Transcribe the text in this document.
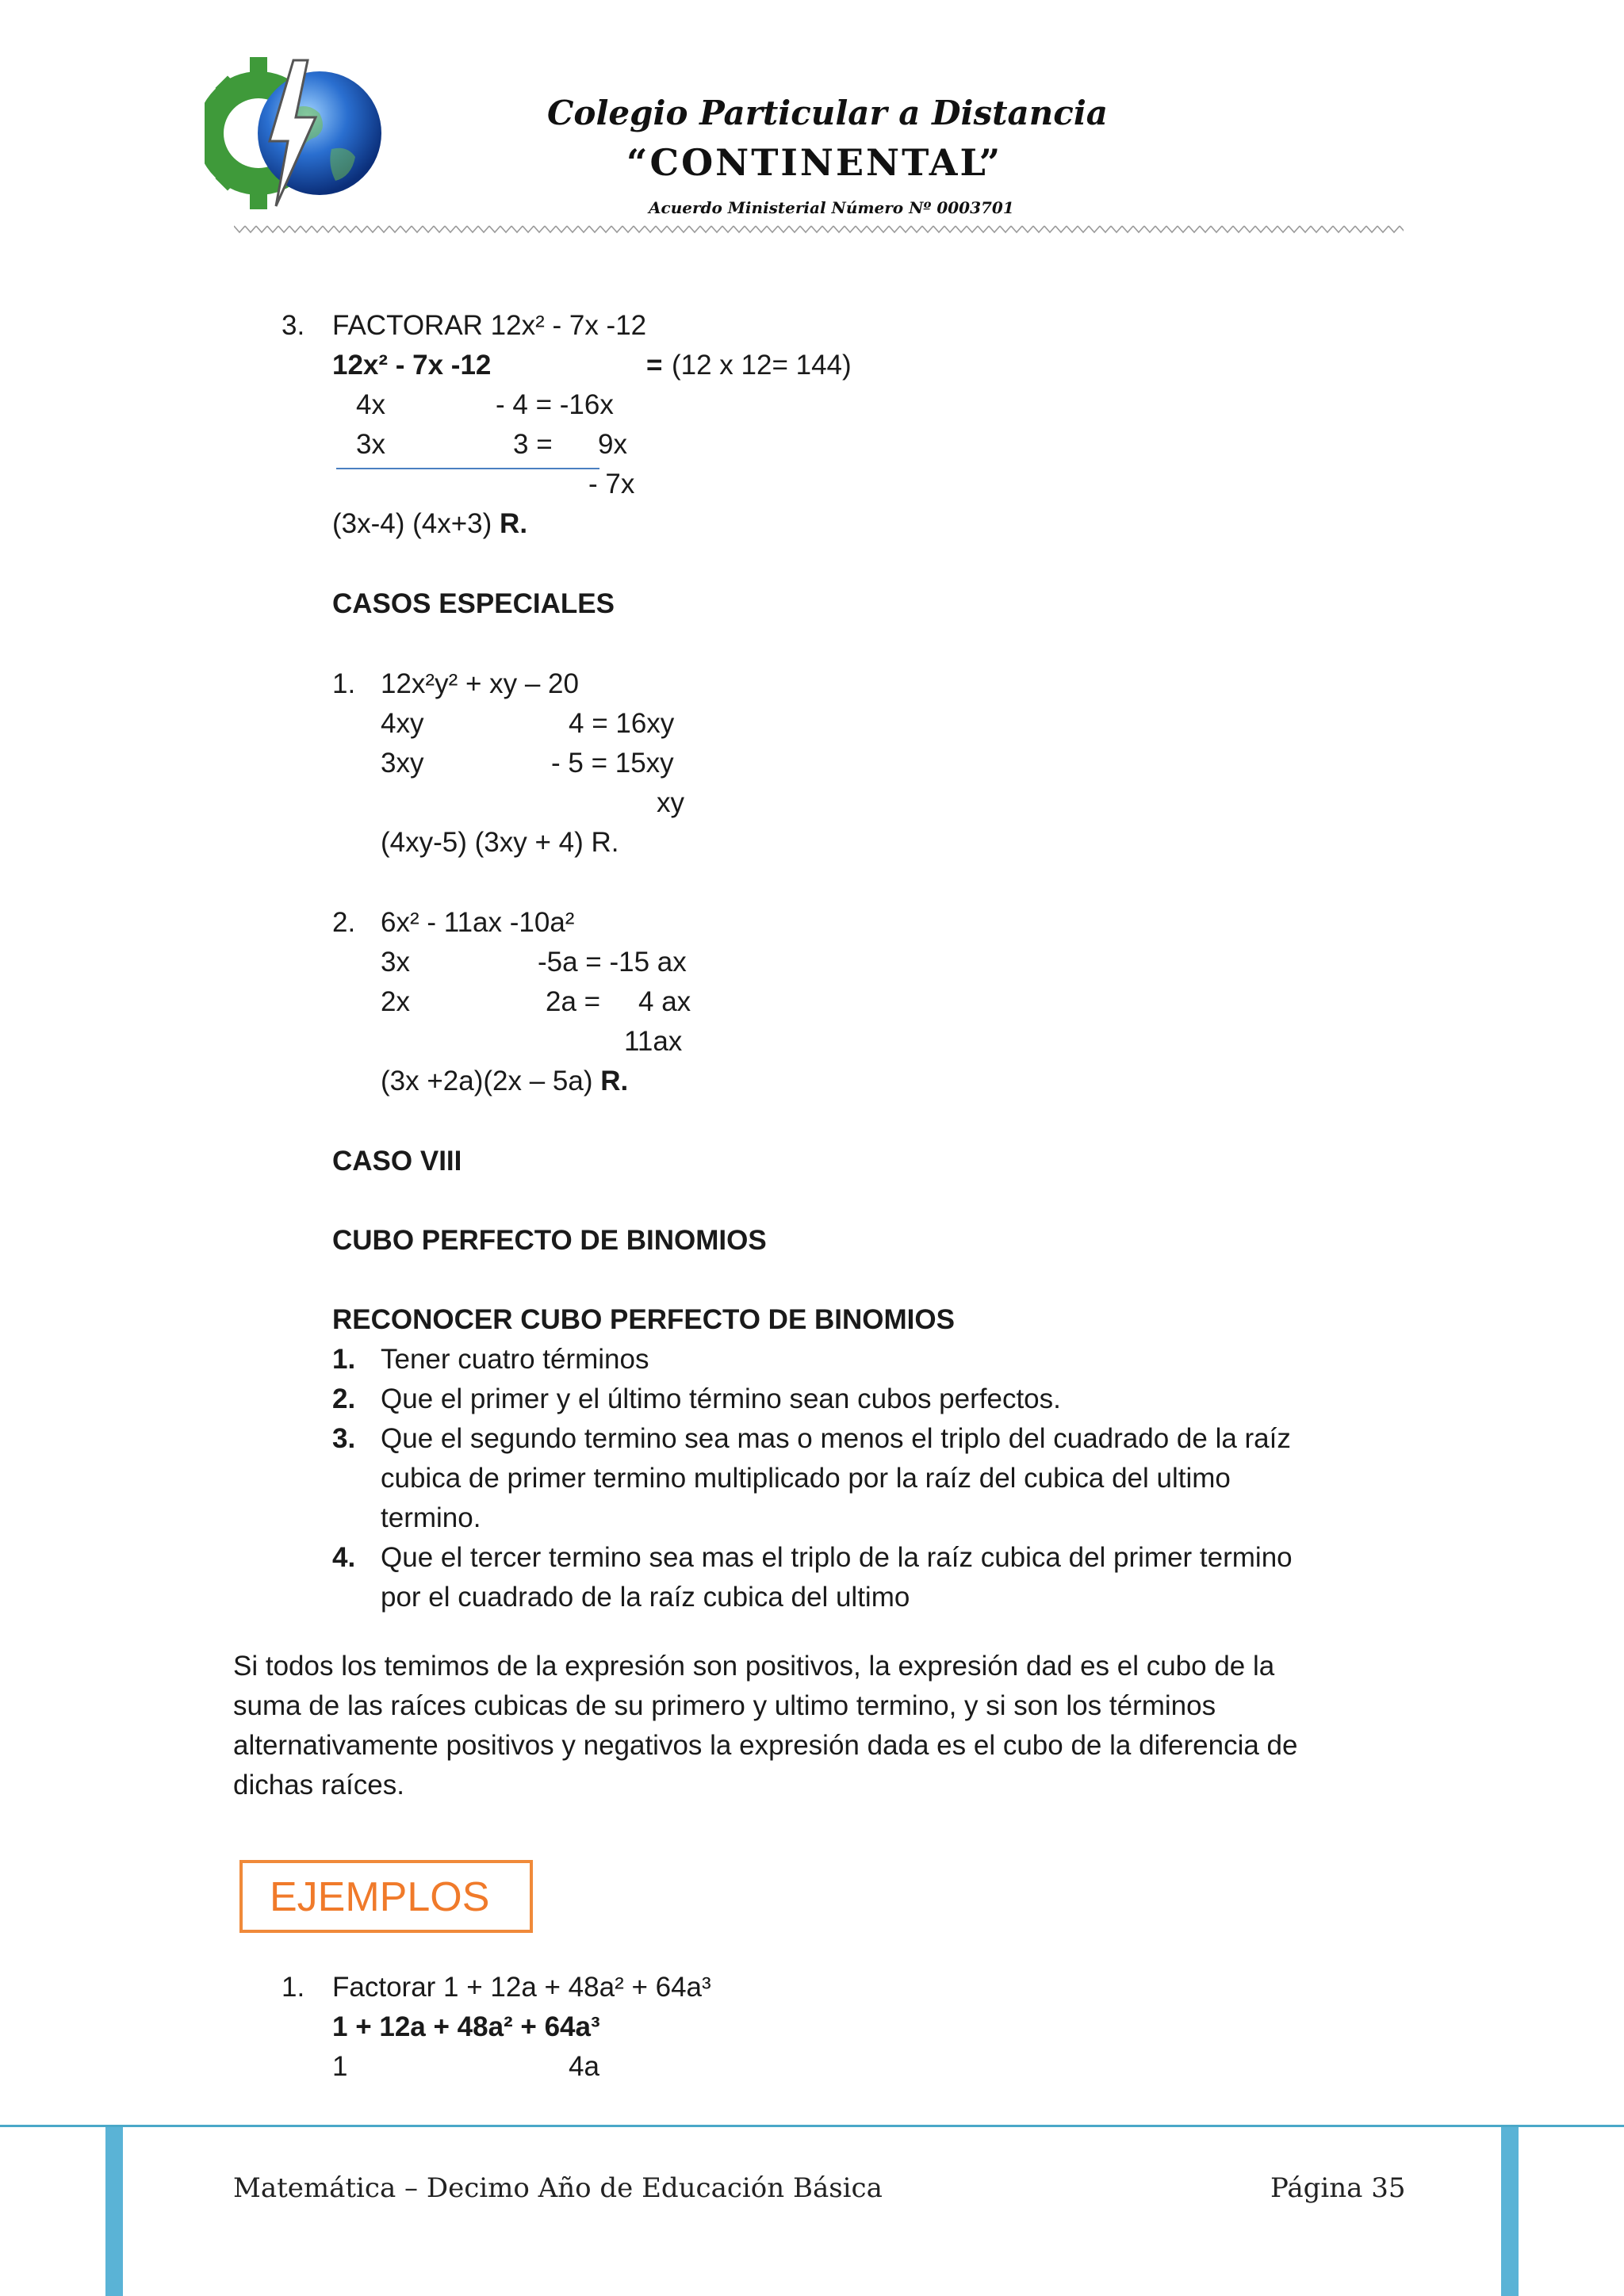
Colegio Particular a Distancia
“CONTINENTAL”
Acuerdo Ministerial Número Nº 0003701
3. FACTORAR 12x² - 7x -12
12x² - 7x -12	= (12 x 12= 144)
4x	- 4 = -16x
3x	3 = 9x
- 7x
(3x-4) (4x+3) R.
CASOS ESPECIALES
1. 12x²y² + xy – 20
4xy	4 = 16xy
3xy	- 5 = 15xy
xy
(4xy-5) (3xy + 4) R.
2. 6x² - 11ax -10a²
3x	-5a = -15 ax
2x	2a = 4 ax
11ax
(3x +2a)(2x – 5a) R.
CASO VIII
CUBO PERFECTO DE BINOMIOS
RECONOCER CUBO PERFECTO DE BINOMIOS
1. Tener cuatro términos
2. Que el primer y el último término sean cubos perfectos.
3. Que el segundo termino sea mas o menos el triplo del cuadrado de la raíz
cubica de primer termino multiplicado por la raíz del cubica del ultimo
termino.
4. Que el tercer termino sea mas el triplo de la raíz cubica del primer termino
por el cuadrado de la raíz cubica del ultimo
Si todos los temimos de la expresión son positivos, la expresión dad es el cubo de la
suma de las raíces cubicas de su primero y ultimo termino, y si son los términos
alternativamente positivos y negativos la expresión dada es el cubo de la diferencia de
dichas raíces.
EJEMPLOS
1. Factorar 1 + 12a + 48a² + 64a³
1 + 12a + 48a² + 64a³
1	4a
Matemática – Decimo Año de Educación Básica	Página 35
